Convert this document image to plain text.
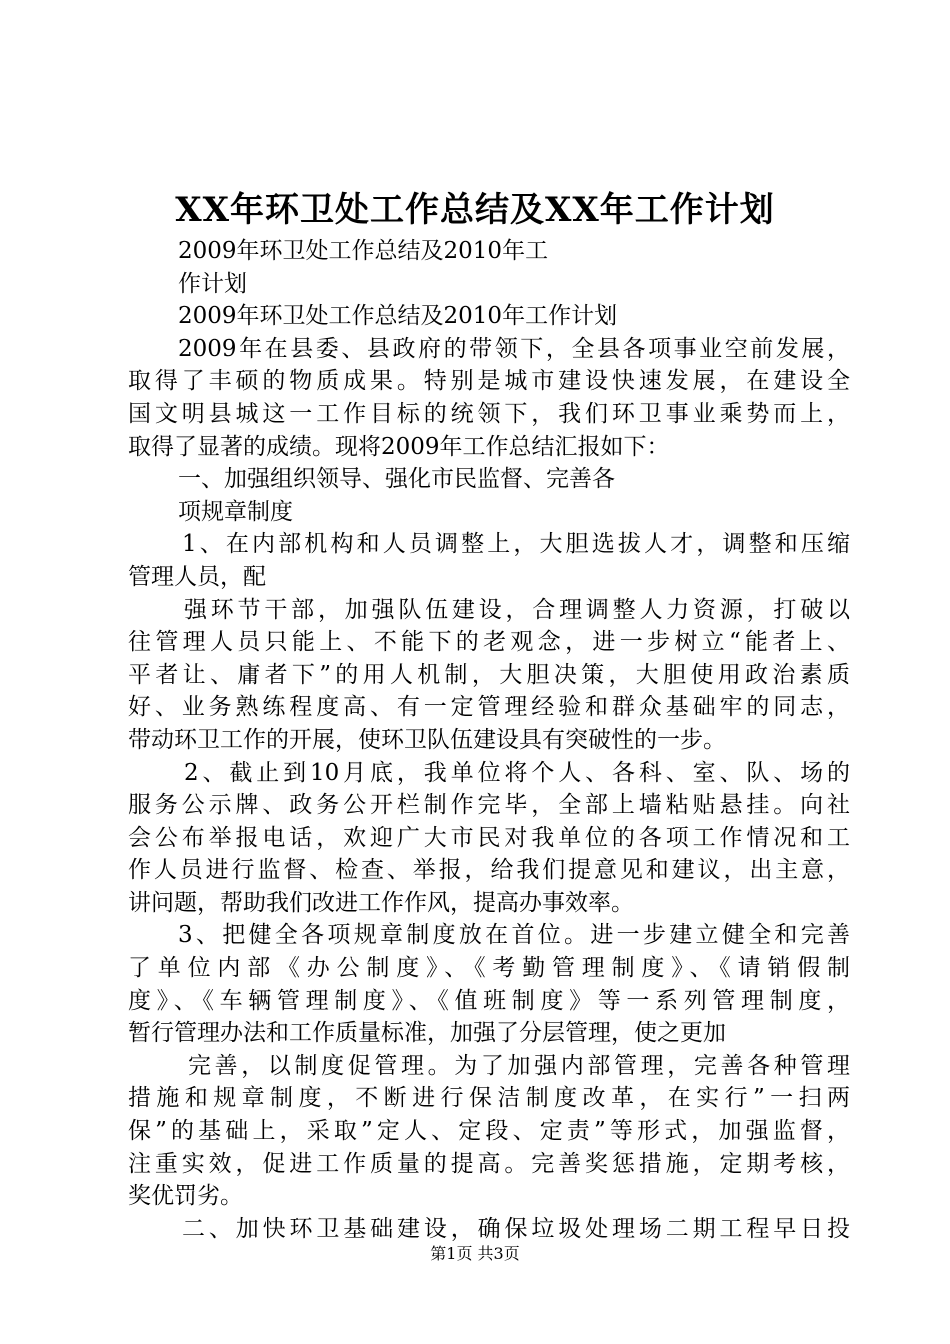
XX年环卫处工作总结及XX年工作计划
2009年环卫处工作总结及2010年工
作计划
2009年环卫处工作总结及2010年工作计划
2009年在县委、县政府的带领下，全县各项事业空前发展，
取得了丰硕的物质成果。特别是城市建设快速发展，在建设全
国文明县城这一工作目标的统领下，我们环卫事业乘势而上，
取得了显著的成绩。现将2009年工作总结汇报如下：
一、加强组织领导、强化市民监督、完善各
项规章制度
1、在内部机构和人员调整上，大胆选拔人才，调整和压缩
管理人员，配
强环节干部，加强队伍建设，合理调整人力资源，打破以
往管理人员只能上、不能下的老观念，进一步树立“能者上、
平者让、庸者下”的用人机制，大胆决策，大胆使用政治素质
好、业务熟练程度高、有一定管理经验和群众基础牢的同志，
带动环卫工作的开展，使环卫队伍建设具有突破性的一步。
2、截止到10月底，我单位将个人、各科、室、队、场的
服务公示牌、政务公开栏制作完毕，全部上墙粘贴悬挂。向社
会公布举报电话，欢迎广大市民对我单位的各项工作情况和工
作人员进行监督、检查、举报，给我们提意见和建议，出主意，
讲问题，帮助我们改进工作作风，提高办事效率。
3、把健全各项规章制度放在首位。进一步建立健全和完善
了单位内部《办公制度》、《考勤管理制度》、《请销假制
度》、《车辆管理制度》、《值班制度》等一系列管理制度，
暂行管理办法和工作质量标准，加强了分层管理，使之更加
完善，以制度促管理。为了加强内部管理，完善各种管理
措施和规章制度，不断进行保洁制度改革，在实行”一扫两
保”的基础上，采取”定人、定段、定责”等形式，加强监督，
注重实效，促进工作质量的提高。完善奖惩措施，定期考核，
奖优罚劣。
二、加快环卫基础建设，确保垃圾处理场二期工程早日投
第1页 共3页
